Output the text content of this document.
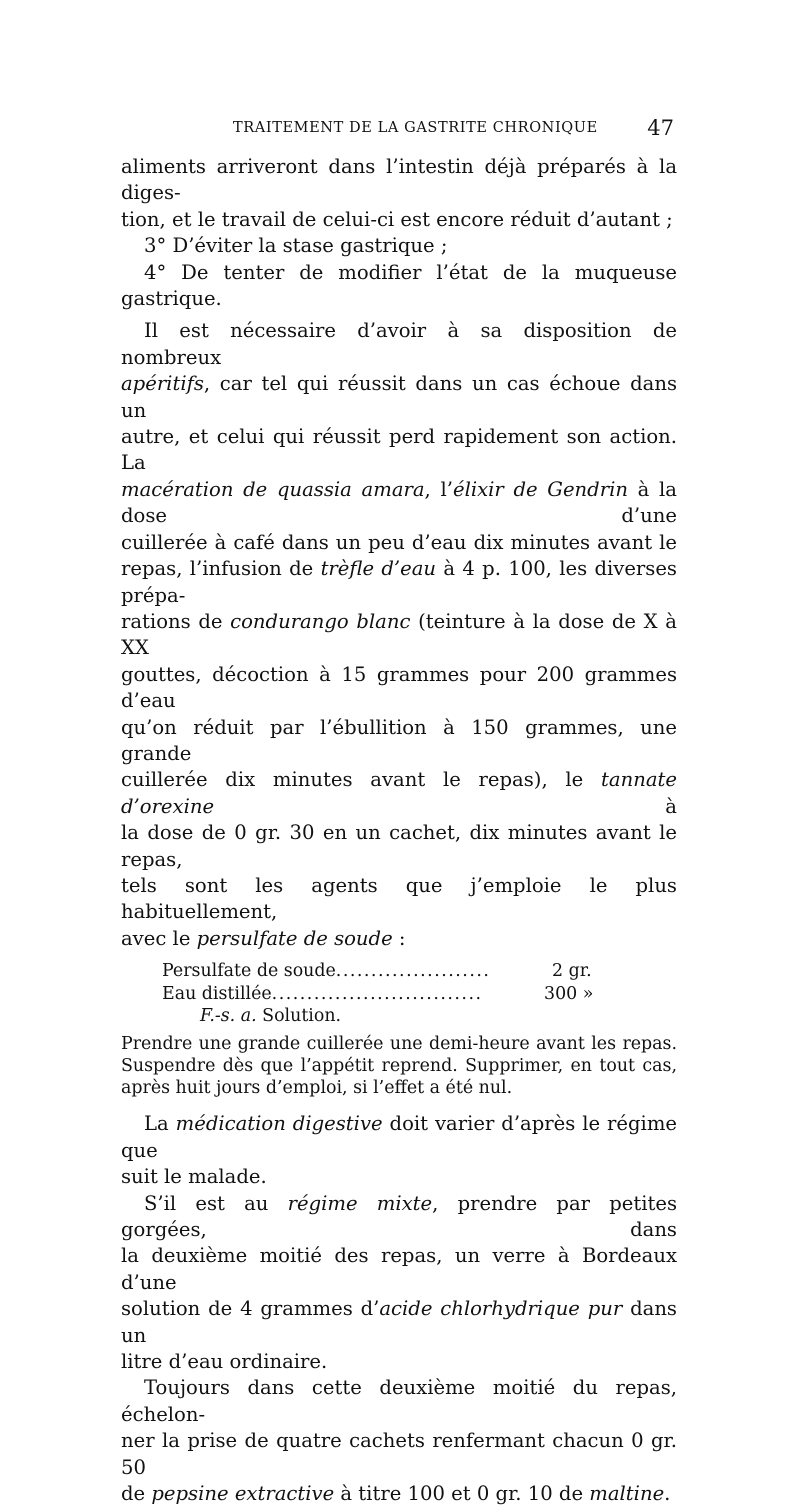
TRAITEMENT DE LA GASTRITE CHRONIQUE 47

aliments arriveront dans l’intestin déjà préparés à la diges-

tion, et le travail de celui-ci est encore réduit d’autant ;

3° D’éviter la stase gastrique ;

4° De tenter de modifier l’état de la muqueuse gastrique.

Il est nécessaire d’avoir à sa disposition de nombreux

apéritifs, car tel qui réussit dans un cas échoue dans un

autre, et celui qui réussit perd rapidement son action. La

macération de quassia amara, l’élixir de Gendrin à la dose d’une

cuillerée à café dans un peu d’eau dix minutes avant le

repas, l’infusion de trèfle d’eau à 4 p. 100, les diverses prépa-

rations de condurango blanc (teinture à la dose de X à XX

gouttes, décoction à 15 grammes pour 200 grammes d’eau

qu’on réduit par l’ébullition à 150 grammes, une grande

cuillerée dix minutes avant le repas), le tannate d’orexine à

la dose de 0 gr. 30 en un cachet, dix minutes avant le repas,

tels sont les agents que j’emploie le plus habituellement,

avec le persulfate de soude :

Persulfate de soude......................	2 gr.
Eau distillée..............................	300 »
F.-s. a. Solution.

Prendre une grande cuillerée une demi-heure avant les repas.

Suspendre dès que l’appétit reprend. Supprimer, en tout cas,

après huit jours d’emploi, si l’effet a été nul.

La médication digestive doit varier d’après le régime que

suit le malade.

S’il est au régime mixte, prendre par petites gorgées, dans

la deuxième moitié des repas, un verre à Bordeaux d’une

solution de 4 grammes d’acide chlorhydrique pur dans un

litre d’eau ordinaire.

Toujours dans cette deuxième moitié du repas, échelon-

ner la prise de quatre cachets renfermant chacun 0 gr. 50

de pepsine extractive à titre 100 et 0 gr. 10 de maltine.
